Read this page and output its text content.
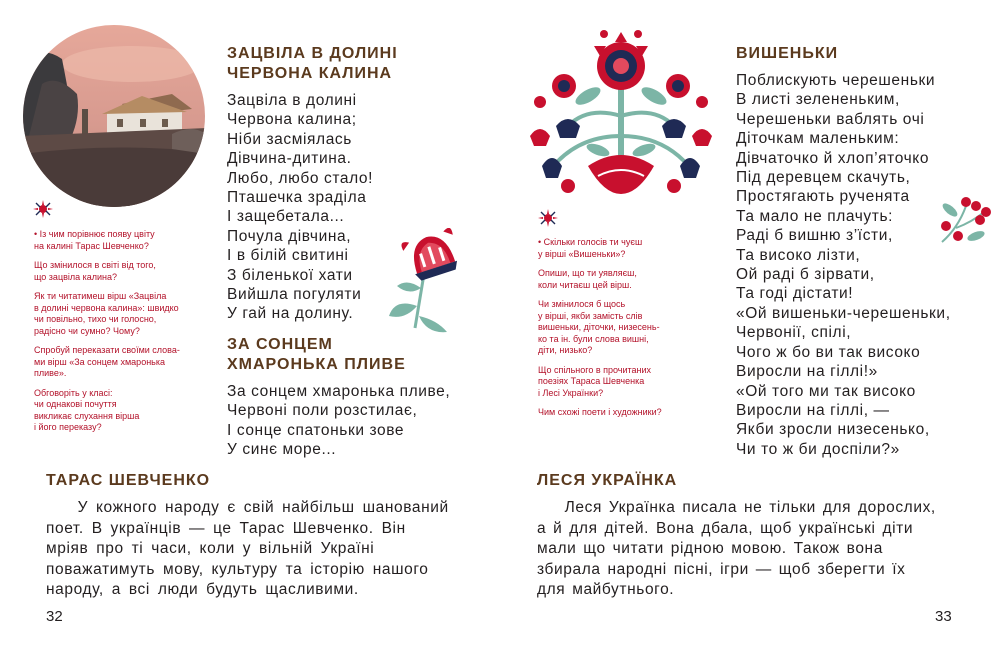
• Із чим порівнює появу цвіту
на калині Тарас Шевченко?
Що змінилося в світі від того,
що зацвіла калина?
Як ти читатимеш вірш «Зацвіла
в долині червона калина»: швидко
чи повільно, тихо чи голосно,
радісно чи сумно? Чому?
Спробуй переказати своїми слова-
ми вірш «За сонцем хмаронька
пливе».
Обговоріть у класі:
чи однакові почуття
викликає слухання вірша
і його переказу?
ЗАЦВІЛА В ДОЛИНІ
ЧЕРВОНА КАЛИНА
Зацвіла в долині
Червона калина;
Ніби засміялась
Дівчина-дитина.
Любо, любо стало!
Пташечка зраділа
І защебетала...
Почула дівчина,
І в білій свитині
З біленької хати
Вийшла погуляти
У гай на долину.
ЗА СОНЦЕМ
ХМАРОНЬКА ПЛИВЕ
За сонцем хмаронька пливе,
Червоні поли розстилає,
І сонце спатоньки зове
У синє море...
ТАРАС ШЕВЧЕНКО
У кожного народу є свій найбільш шанований
поет. В українців — це Тарас Шевченко. Він
мріяв про ті часи, коли у вільній Україні
поважатимуть мову, культуру та історію нашого
народу, а всі люди будуть щасливими.
32
• Скільки голосів ти чуєш
у вірші «Вишеньки»?
Опиши, що ти уявляєш,
коли читаєш цей вірш.
Чи змінилося б щось
у вірші, якби замість слів
вишеньки, діточки, низесень-
ко та ін. були слова вишні,
діти, низько?
Що спільного в прочитаних
поезіях Тараса Шевченка
і Лесі Українки?
Чим схожі поети і художники?
ВИШЕНЬКИ
Поблискують черешеньки
В листі зелененьким,
Черешеньки ваблять очі
Діточкам маленьким:
Дівчаточко й хлоп’яточко
Під деревцем скачуть,
Простягають рученята
Та мало не плачуть:
Раді б вишню з’їсти,
Та високо лізти,
Ой раді б зірвати,
Та годі дістати!
«Ой вишеньки-черешеньки,
Червонії, спілі,
Чого ж бо ви так високо
Виросли на гіллі!»
«Ой того ми так високо
Виросли на гіллі, —
Якби зросли низесенько,
Чи то ж би доспіли?»
ЛЕСЯ УКРАЇНКА
Леся Українка писала не тільки для дорослих,
а й для дітей. Вона дбала, щоб українські діти
мали що читати рідною мовою. Також вона
збирала народні пісні, ігри — щоб зберегти їх
для майбутнього.
33
